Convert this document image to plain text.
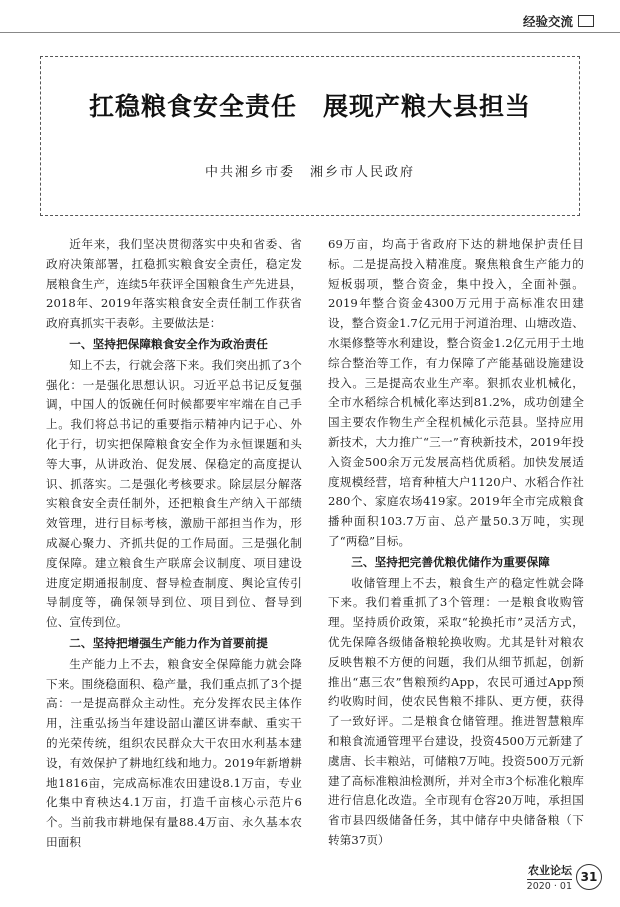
经验交流
扛稳粮食安全责任　展现产粮大县担当
中共湘乡市委　湘乡市人民政府

近年来，我们坚决贯彻落实中央和省委、省政府决策部署，扛稳抓实粮食安全责任，稳定发展粮食生产，连续5年获评全国粮食生产先进县，2018年、2019年落实粮食安全责任制工作获省政府真抓实干表彰。主要做法是：

一、坚持把保障粮食安全作为政治责任

知上不去，行就会落下来。我们突出抓了3个强化：一是强化思想认识。习近平总书记反复强调，中国人的饭碗任何时候都要牢牢端在自己手上。我们将总书记的重要指示精神内记于心、外化于行，切实把保障粮食安全作为永恒课题和头等大事，从讲政治、促发展、保稳定的高度提认识、抓落实。二是强化考核要求。除层层分解落实粮食安全责任制外，还把粮食生产纳入干部绩效管理，进行目标考核，激励干部担当作为，形成凝心聚力、齐抓共促的工作局面。三是强化制度保障。建立粮食生产联席会议制度、项目建设进度定期通报制度、督导检查制度、舆论宣传引导制度等，确保领导到位、项目到位、督导到位、宣传到位。

二、坚持把增强生产能力作为首要前提

生产能力上不去，粮食安全保障能力就会降下来。围绕稳面积、稳产量，我们重点抓了3个提高：一是提高群众主动性。充分发挥农民主体作用，注重弘扬当年建设韶山灌区讲奉献、重实干的光荣传统，组织农民群众大干农田水利基本建设，有效保护了耕地红线和地力。2019年新增耕地1816亩，完成高标准农田建设8.1万亩，专业化集中育秧达4.1万亩，打造千亩核心示范片6个。当前我市耕地保有量88.4万亩、永久基本农田面积

69万亩，均高于省政府下达的耕地保护责任目标。二是提高投入精准度。聚焦粮食生产能力的短板弱项，整合资金，集中投入，全面补强。2019年整合资金4300万元用于高标准农田建设，整合资金1.7亿元用于河道治理、山塘改造、水渠修整等水利建设，整合资金1.2亿元用于土地综合整治等工作，有力保障了产能基础设施建设投入。三是提高农业生产率。狠抓农业机械化，全市水稻综合机械化率达到81.2%，成功创建全国主要农作物生产全程机械化示范县。坚持应用新技术，大力推广“三一”育秧新技术，2019年投入资金500余万元发展高档优质稻。加快发展适度规模经营，培育种植大户1120户、水稻合作社280个、家庭农场419家。2019年全市完成粮食播种面积103.7万亩、总产量50.3万吨，实现了“两稳”目标。

三、坚持把完善优粮优储作为重要保障

收储管理上不去，粮食生产的稳定性就会降下来。我们着重抓了3个管理：一是粮食收购管理。坚持质价政策，采取“轮换托市”灵活方式，优先保障各级储备粮轮换收购。尤其是针对粮农反映售粮不方便的问题，我们从细节抓起，创新推出“惠三农”售粮预约App，农民可通过App预约收购时间，使农民售粮不排队、更方便，获得了一致好评。二是粮食仓储管理。推进智慧粮库和粮食流通管理平台建设，投资4500万元新建了虞唐、长丰粮站，可储粮7万吨。投资500万元新建了高标准粮油检测所，并对全市3个标准化粮库进行信息化改造。全市现有仓容20万吨，承担国省市县四级储备任务，其中储存中央储备粮（下转第37页）

农业论坛
2020 · 01
31
